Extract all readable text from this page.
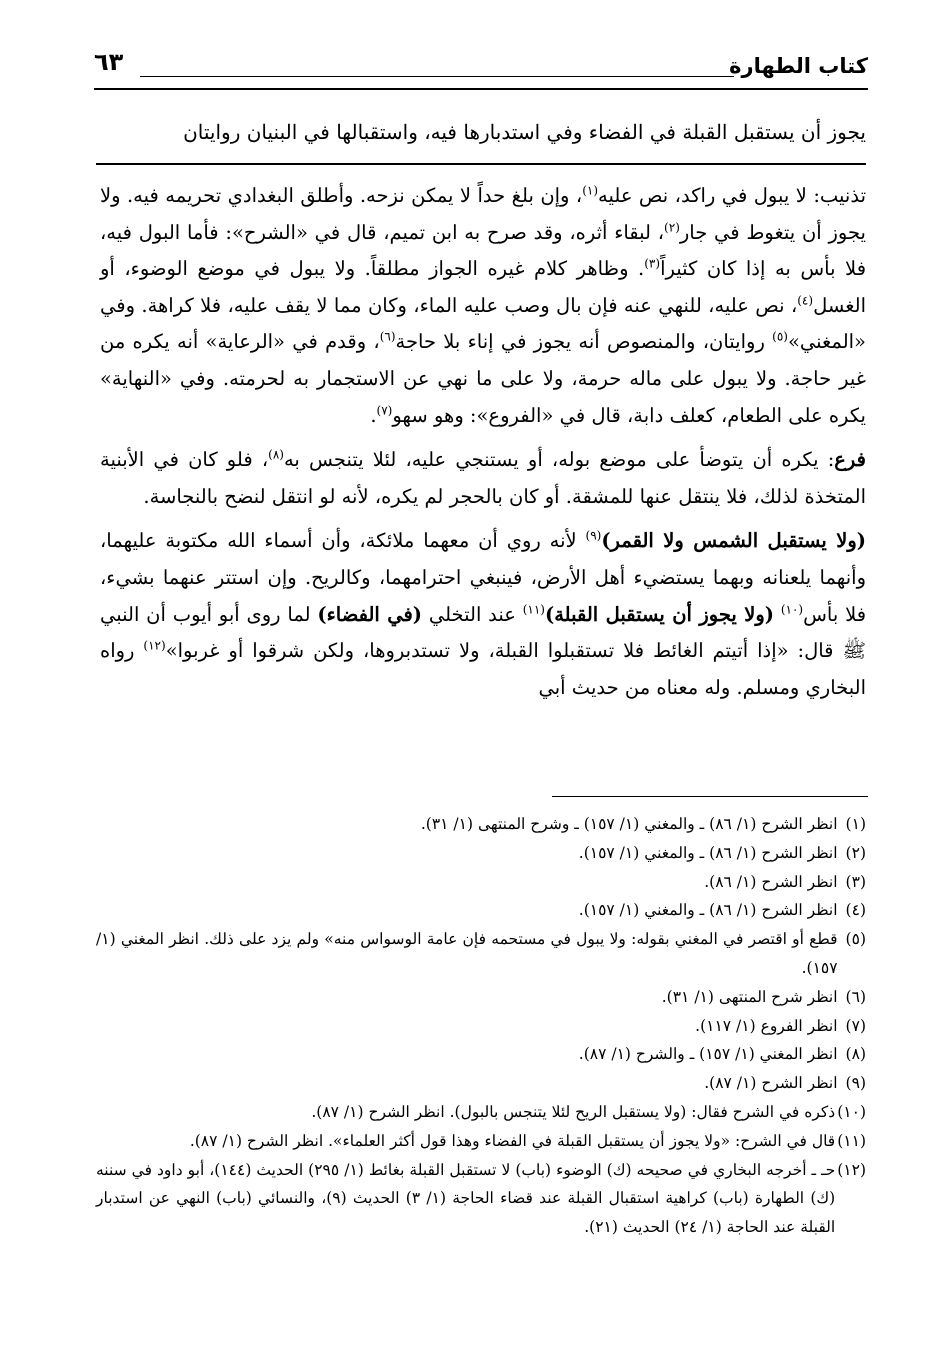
كتاب الطهارة
٦٣
يجوز أن يستقبل القبلة في الفضاء وفي استدبارها فيه، واستقبالها في البنيان روايتان

تذنيب: لا يبول في راكد، نص عليه$^{(١)}$، وإن بلغ حداً لا يمكن نزحه. وأطلق البغدادي تحريمه فيه. ولا يجوز أن يتغوط في جار$^{(٢)}$، لبقاء أثره، وقد صرح به ابن تميم، قال في «الشرح»: فأما البول فيه، فلا بأس به إذا كان كثيراً$^{(٣)}$. وظاهر كلام غيره الجواز مطلقاً. ولا يبول في موضع الوضوء، أو الغسل$^{(٤)}$، نص عليه، للنهي عنه فإن بال وصب عليه الماء، وكان مما لا يقف عليه، فلا كراهة. وفي «المغني»$^{(٥)}$ روايتان، والمنصوص أنه يجوز في إناء بلا حاجة$^{(٦)}$، وقدم في «الرعاية» أنه يكره من غير حاجة. ولا يبول على ماله حرمة، ولا على ما نهي عن الاستجمار به لحرمته. وفي «النهاية» يكره على الطعام، كعلف دابة، قال في «الفروع»: وهو سهو$^{(٧)}$.

فرع: يكره أن يتوضأ على موضع بوله، أو يستنجي عليه، لئلا يتنجس به$^{(٨)}$، فلو كان في الأبنية المتخذة لذلك، فلا ينتقل عنها للمشقة. أو كان بالحجر لم يكره، لأنه لو انتقل لنضح بالنجاسة.

(ولا يستقبل الشمس ولا القمر)$^{(٩)}$ لأنه روي أن معهما ملائكة، وأن أسماء الله مكتوبة عليهما، وأنهما يلعنانه وبهما يستضيء أهل الأرض، فينبغي احترامهما، وكالريح. وإن استتر عنهما بشيء، فلا بأس$^{(١٠)}$ (ولا يجوز أن يستقبل القبلة)$^{(١١)}$ عند التخلي (في الفضاء) لما روى أبو أيوب أن النبي ﷺ قال: «إذا أتيتم الغائط فلا تستقبلوا القبلة، ولا تستدبروها، ولكن شرقوا أو غربوا»$^{(١٢)}$ رواه البخاري ومسلم. وله معناه من حديث أبي

(١)
انظر الشرح (١/ ٨٦) ـ والمغني (١/ ١٥٧) ـ وشرح المنتهى (١/ ٣١).
(٢)
انظر الشرح (١/ ٨٦) ـ والمغني (١/ ١٥٧).
(٣)
انظر الشرح (١/ ٨٦).
(٤)
انظر الشرح (١/ ٨٦) ـ والمغني (١/ ١٥٧).
(٥)
قطع أو اقتصر في المغني بقوله: ولا يبول في مستحمه فإن عامة الوسواس منه» ولم يزد على ذلك. انظر المغني (١/ ١٥٧).
(٦)
انظر شرح المنتهى (١/ ٣١).
(٧)
انظر الفروع (١/ ١١٧).
(٨)
انظر المغني (١/ ١٥٧) ـ والشرح (١/ ٨٧).
(٩)
انظر الشرح (١/ ٨٧).
(١٠)
ذكره في الشرح فقال: (ولا يستقبل الريح لئلا يتنجس بالبول). انظر الشرح (١/ ٨٧).
(١١)
قال في الشرح: «ولا يجوز أن يستقبل القبلة في الفضاء وهذا قول أكثر العلماء». انظر الشرح (١/ ٨٧).
(١٢)
حـ ـ أخرجه البخاري في صحيحه (ك) الوضوء (باب) لا تستقبل القبلة بغائط (١/ ٢٩٥) الحديث (١٤٤)، أبو داود في سننه (ك) الطهارة (باب) كراهية استقبال القبلة عند قضاء الحاجة (١/ ٣) الحديث (٩)، والنسائي (باب) النهي عن استدبار القبلة عند الحاجة (١/ ٢٤) الحديث (٢١).
